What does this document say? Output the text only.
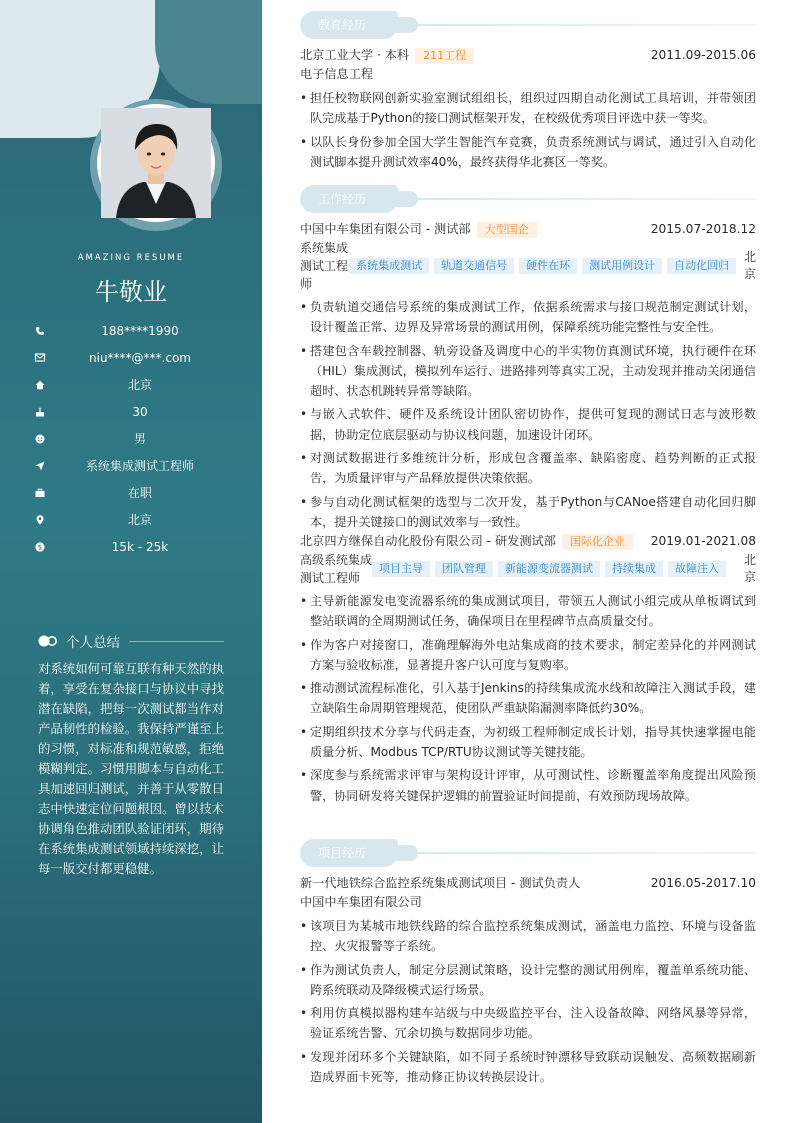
AMAZING RESUME
牛敬业
188****1990
niu****@***.com
北京
30
男
系统集成测试工程师
在职
北京
$	15k - 25k
个人总结
对系统如何可靠互联有种天然的执着，享受在复杂接口与协议中寻找潜在缺陷，把每一次测试都当作对产品韧性的检验。我保持严谨至上的习惯，对标准和规范敏感，拒绝模糊判定。习惯用脚本与自动化工具加速回归测试，并善于从零散日志中快速定位问题根因。曾以技术协调角色推动团队验证闭环，期待在系统集成测试领域持续深挖，让每一版交付都更稳健。
教育经历
北京工业大学 · 本科	211工程	2011.09-2015.06
电子信息工程
• 担任校物联网创新实验室测试组组长，组织过四期自动化测试工具培训，并带领团队完成基于Python的接口测试框架开发，在校级优秀项目评选中获一等奖。
• 以队长身份参加全国大学生智能汽车竞赛，负责系统测试与调试，通过引入自动化测试脚本提升测试效率40%，最终获得华北赛区一等奖。
工作经历
中国中车集团有限公司 - 测试部	大型国企	2015.07-2018.12
系统集成测试工程师
系统集成测试	轨道交通信号	硬件在环	测试用例设计	自动化回归
北京
• 负责轨道交通信号系统的集成测试工作，依据系统需求与接口规范制定测试计划，设计覆盖正常、边界及异常场景的测试用例，保障系统功能完整性与安全性。
• 搭建包含车载控制器、轨旁设备及调度中心的半实物仿真测试环境，执行硬件在环（HIL）集成测试，模拟列车运行、进路排列等真实工况，主动发现并推动关闭通信超时、状态机跳转异常等缺陷。
• 与嵌入式软件、硬件及系统设计团队密切协作，提供可复现的测试日志与波形数据，协助定位底层驱动与协议栈问题，加速设计闭环。
• 对测试数据进行多维统计分析，形成包含覆盖率、缺陷密度、趋势判断的正式报告，为质量评审与产品释放提供决策依据。
• 参与自动化测试框架的选型与二次开发，基于Python与CANoe搭建自动化回归脚本，提升关键接口的测试效率与一致性。
北京四方继保自动化股份有限公司 - 研发测试部	国际化企业	2019.01-2021.08
高级系统集成测试工程师
项目主导	团队管理	新能源变流器测试	持续集成	故障注入
北京
• 主导新能源发电变流器系统的集成测试项目，带领五人测试小组完成从单板调试到整站联调的全周期测试任务，确保项目在里程碑节点高质量交付。
• 作为客户对接窗口，准确理解海外电站集成商的技术要求，制定差异化的并网测试方案与验收标准，显著提升客户认可度与复购率。
• 推动测试流程标准化，引入基于Jenkins的持续集成流水线和故障注入测试手段，建立缺陷生命周期管理规范，使团队严重缺陷漏测率降低约30%。
• 定期组织技术分享与代码走查，为初级工程师制定成长计划，指导其快速掌握电能质量分析、Modbus TCP/RTU协议测试等关键技能。
• 深度参与系统需求评审与架构设计评审，从可测试性、诊断覆盖率角度提出风险预警，协同研发将关键保护逻辑的前置验证时间提前，有效预防现场故障。
项目经历
新一代地铁综合监控系统集成测试项目 - 测试负责人	2016.05-2017.10
中国中车集团有限公司
• 该项目为某城市地铁线路的综合监控系统集成测试，涵盖电力监控、环境与设备监控、火灾报警等子系统。
• 作为测试负责人，制定分层测试策略，设计完整的测试用例库，覆盖单系统功能、跨系统联动及降级模式运行场景。
• 利用仿真模拟器构建车站级与中央级监控平台，注入设备故障、网络风暴等异常，验证系统告警、冗余切换与数据同步功能。
• 发现并闭环多个关键缺陷，如不同子系统时钟漂移导致联动误触发、高频数据刷新造成界面卡死等，推动修正协议转换层设计。
